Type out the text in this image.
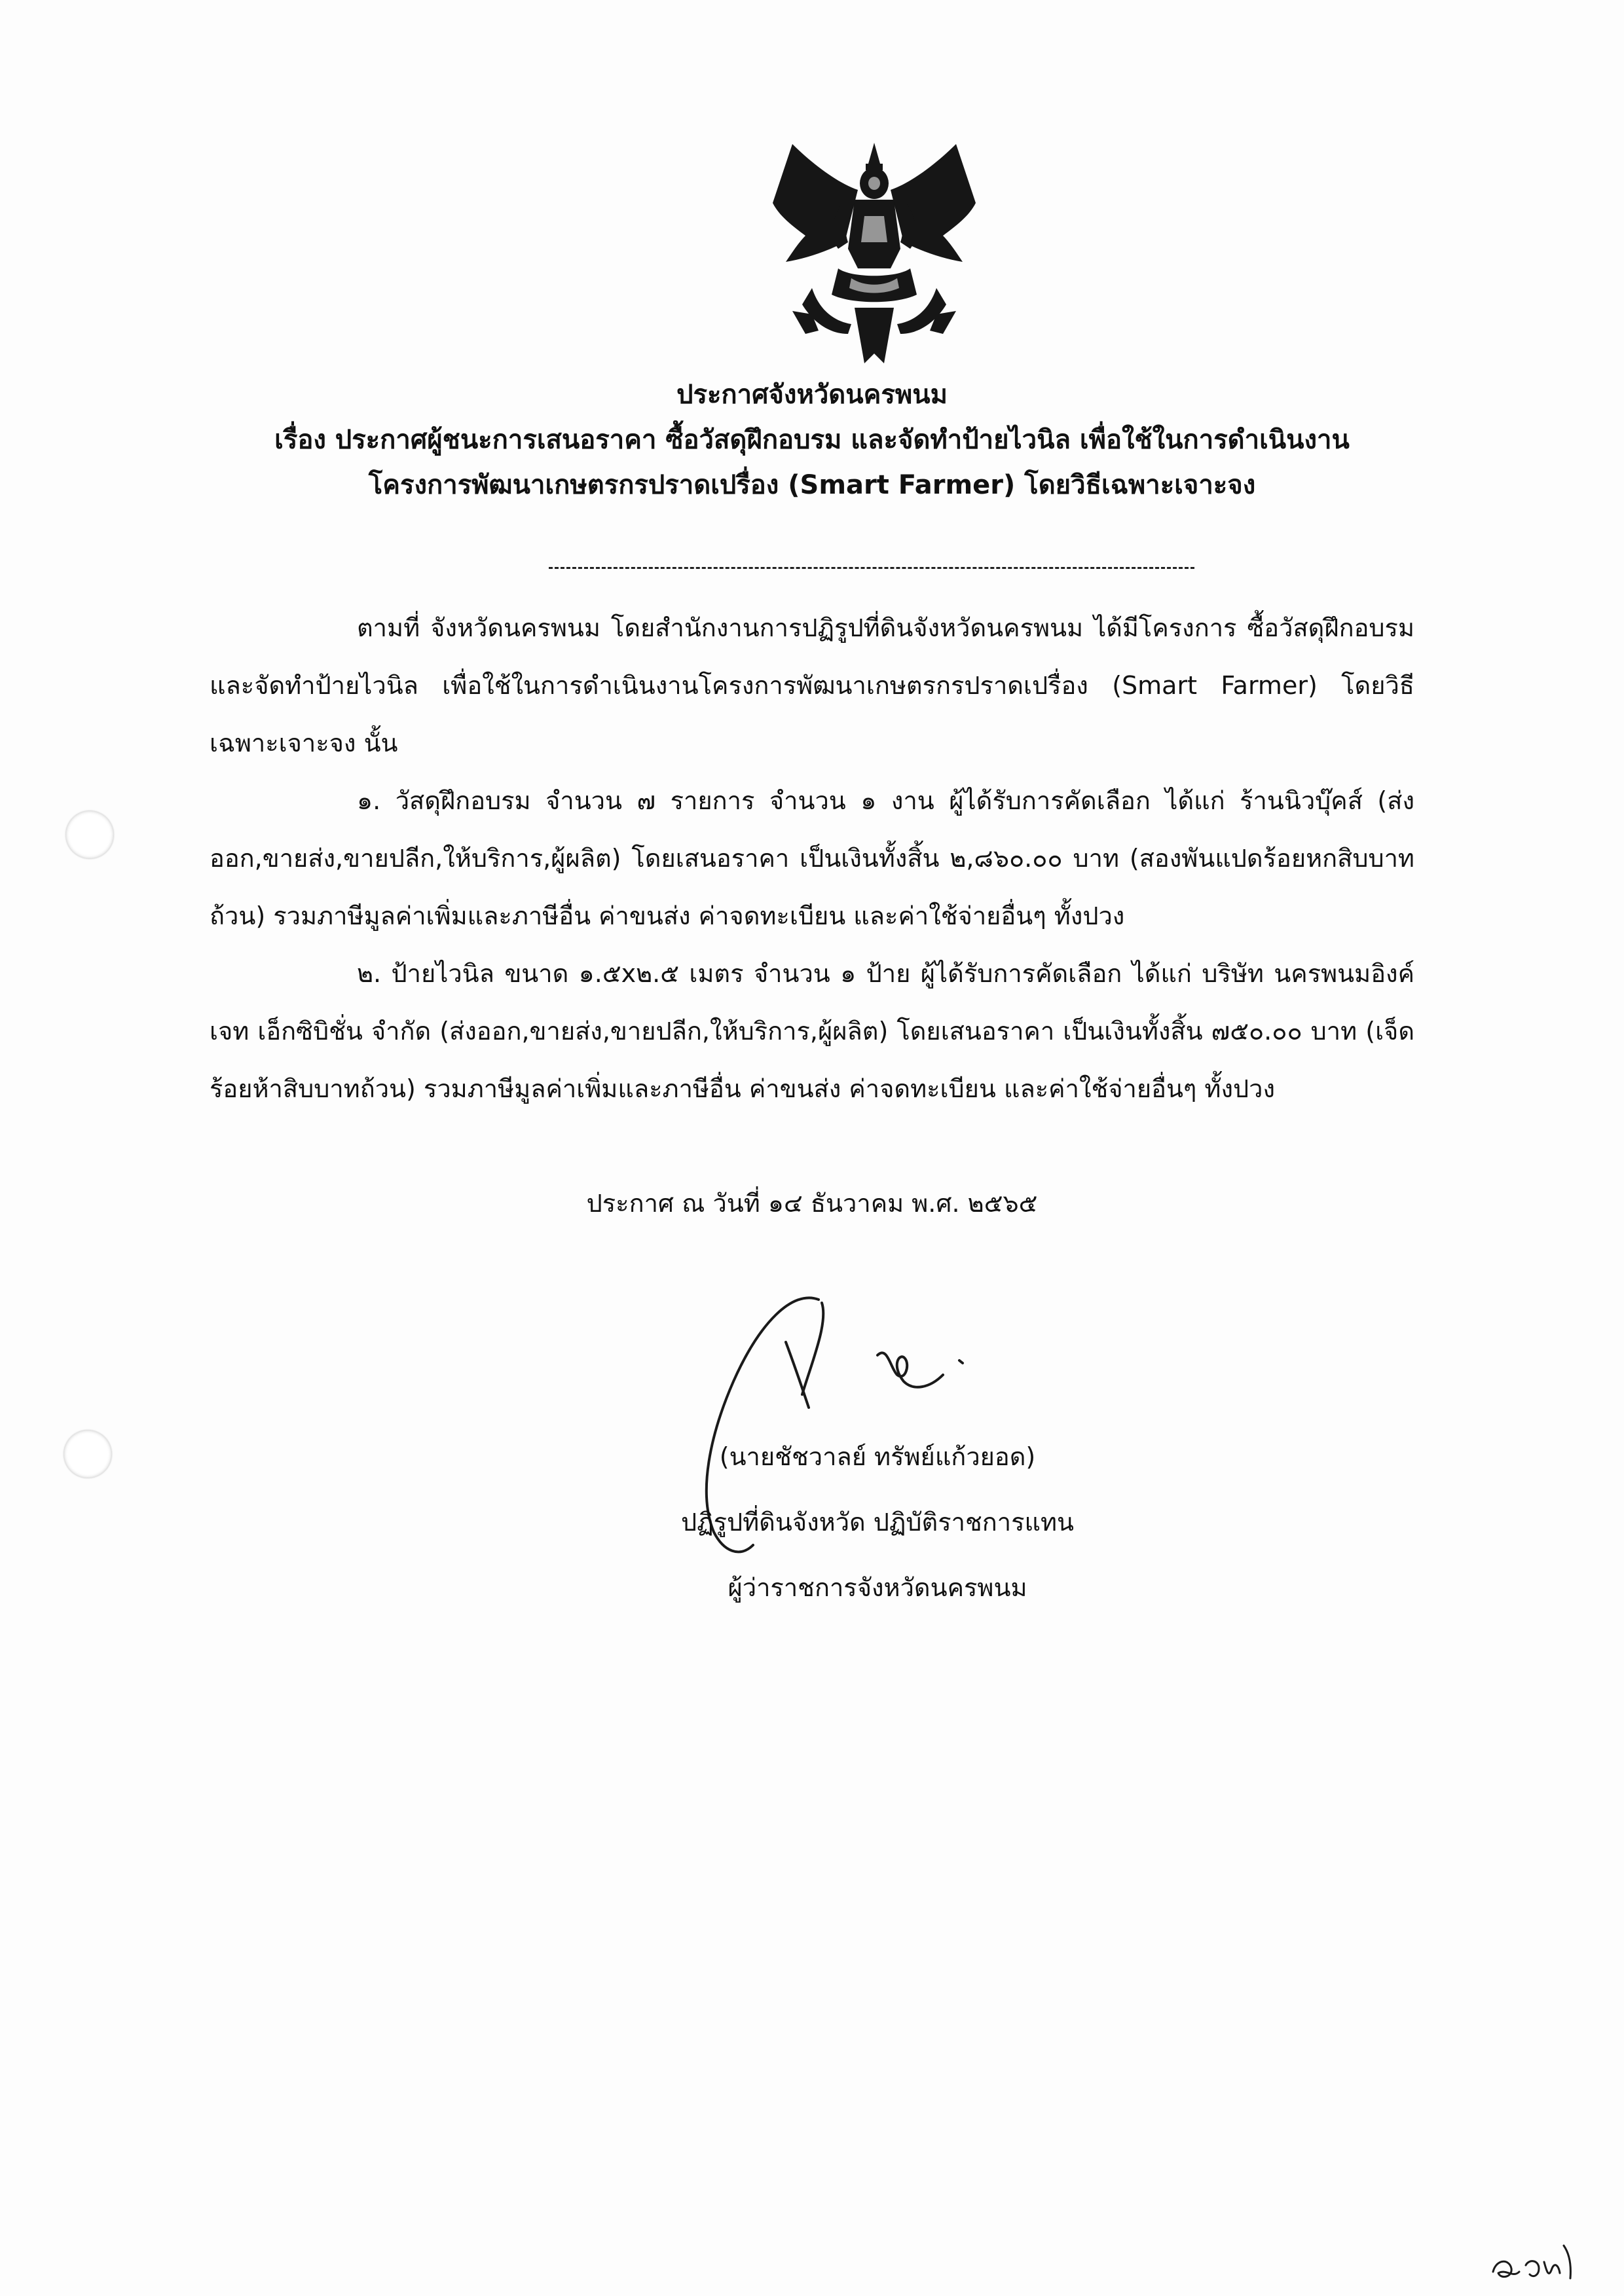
ประกาศจังหวัดนครพนม
เรื่อง ประกาศผู้ชนะการเสนอราคา ซื้อวัสดุฝึกอบรม และจัดทำป้ายไวนิล เพื่อใช้ในการดำเนินงาน
โครงการพัฒนาเกษตรกรปราดเปรื่อง (Smart Farmer) โดยวิธีเฉพาะเจาะจง

ตามที่ จังหวัดนครพนม โดยสำนักงานการปฏิรูปที่ดินจังหวัดนครพนม ได้มีโครงการ ซื้อวัสดุฝึกอบรม และจัดทำป้ายไวนิล เพื่อใช้ในการดำเนินงานโครงการพัฒนาเกษตรกรปราดเปรื่อง (Smart Farmer) โดยวิธีเฉพาะเจาะจง นั้น

๑. วัสดุฝึกอบรม จำนวน ๗ รายการ จำนวน ๑ งาน ผู้ได้รับการคัดเลือก ได้แก่ ร้านนิวบุ๊คส์ (ส่งออก,ขายส่ง,ขายปลีก,ให้บริการ,ผู้ผลิต) โดยเสนอราคา เป็นเงินทั้งสิ้น ๒,๘๖๐.๐๐ บาท (สองพันแปดร้อยหกสิบบาทถ้วน) รวมภาษีมูลค่าเพิ่มและภาษีอื่น ค่าขนส่ง ค่าจดทะเบียน และค่าใช้จ่ายอื่นๆ ทั้งปวง

๒. ป้ายไวนิล ขนาด ๑.๕x๒.๕ เมตร จำนวน ๑ ป้าย ผู้ได้รับการคัดเลือก ได้แก่ บริษัท นครพนมอิงค์เจท เอ็กซิบิชั่น จำกัด (ส่งออก,ขายส่ง,ขายปลีก,ให้บริการ,ผู้ผลิต) โดยเสนอราคา เป็นเงินทั้งสิ้น ๗๕๐.๐๐ บาท (เจ็ดร้อยห้าสิบบาทถ้วน) รวมภาษีมูลค่าเพิ่มและภาษีอื่น ค่าขนส่ง ค่าจดทะเบียน และค่าใช้จ่ายอื่นๆ ทั้งปวง

ประกาศ ณ วันที่ ๑๔ ธันวาคม พ.ศ. ๒๕๖๕
(นายชัชวาลย์ ทรัพย์แก้วยอด)
ปฏิรูปที่ดินจังหวัด ปฏิบัติราชการแทน
ผู้ว่าราชการจังหวัดนครพนม
